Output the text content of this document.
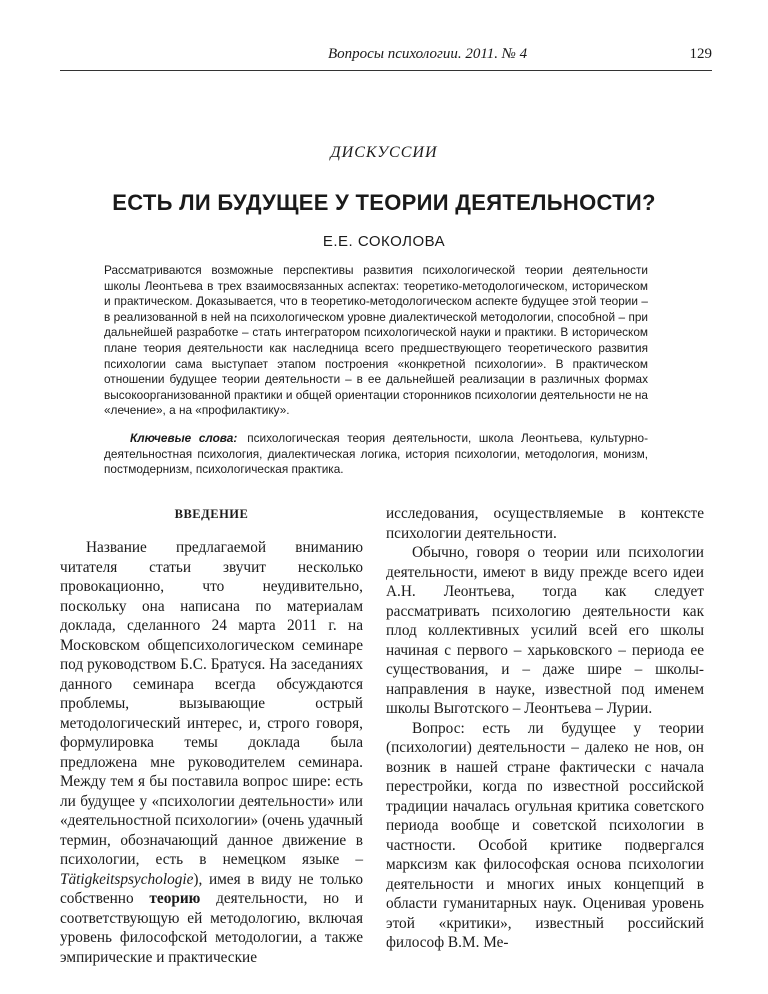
Вопросы психологии. 2011. № 4	129
ДИСКУССИИ
ЕСТЬ ЛИ БУДУЩЕЕ У ТЕОРИИ ДЕЯТЕЛЬНОСТИ?
Е.Е. СОКОЛОВА
Рассматриваются возможные перспективы развития психологической теории деятельности школы Леонтьева в трех взаимосвязанных аспектах: теоретико-методологическом, историческом и практическом. Доказывается, что в теоретико-методологическом аспекте будущее этой теории – в реализованной в ней на психологическом уровне диалектической методологии, способной – при дальнейшей разработке – стать интегратором психологической науки и практики. В историческом плане теория деятельности как наследница всего предшествующего теоретического развития психологии сама выступает этапом построения «конкретной психологии». В практическом отношении будущее теории деятельности – в ее дальнейшей реализации в различных формах высокоорганизованной практики и общей ориентации сторонников психологии деятельности не на «лечение», а на «профилактику».
Ключевые слова: психологическая теория деятельности, школа Леонтьева, культурно-деятельностная психология, диалектическая логика, история психологии, методология, монизм, постмодернизм, психологическая практика.
ВВЕДЕНИЕ

Название предлагаемой вниманию читателя статьи звучит несколько провокационно, что неудивительно, поскольку она написана по материалам доклада, сделанного 24 марта 2011 г. на Московском общепсихологическом семинаре под руководством Б.С. Братуся. На заседаниях данного семинара всегда обсуждаются проблемы, вызывающие острый методологический интерес, и, строго говоря, формулировка темы доклада была предложена мне руководителем семинара. Между тем я бы поставила вопрос шире: есть ли будущее у «психологии деятельности» или «деятельностной психологии» (очень удачный термин, обозначающий данное движение в психологии, есть в немецком языке – Tätigkeitspsychologie), имея в виду не только собственно теорию деятельности, но и соответствующую ей методологию, включая уровень философской методологии, а также эмпирические и практические

исследования, осуществляемые в контексте психологии деятельности.

Обычно, говоря о теории или психологии деятельности, имеют в виду прежде всего идеи А.Н. Леонтьева, тогда как следует рассматривать психологию деятельности как плод коллективных усилий всей его школы начиная с первого – харьковского – периода ее существования, и – даже шире – школы-направления в науке, известной под именем школы Выготского – Леонтьева – Лурии.

Вопрос: есть ли будущее у теории (психологии) деятельности – далеко не нов, он возник в нашей стране фактически с начала перестройки, когда по известной российской традиции началась огульная критика советского периода вообще и советской психологии в частности. Особой критике подвергался марксизм как философская основа психологии деятельности и многих иных концепций в области гуманитарных наук. Оценивая уровень этой «критики», известный российский философ В.М. Ме-
